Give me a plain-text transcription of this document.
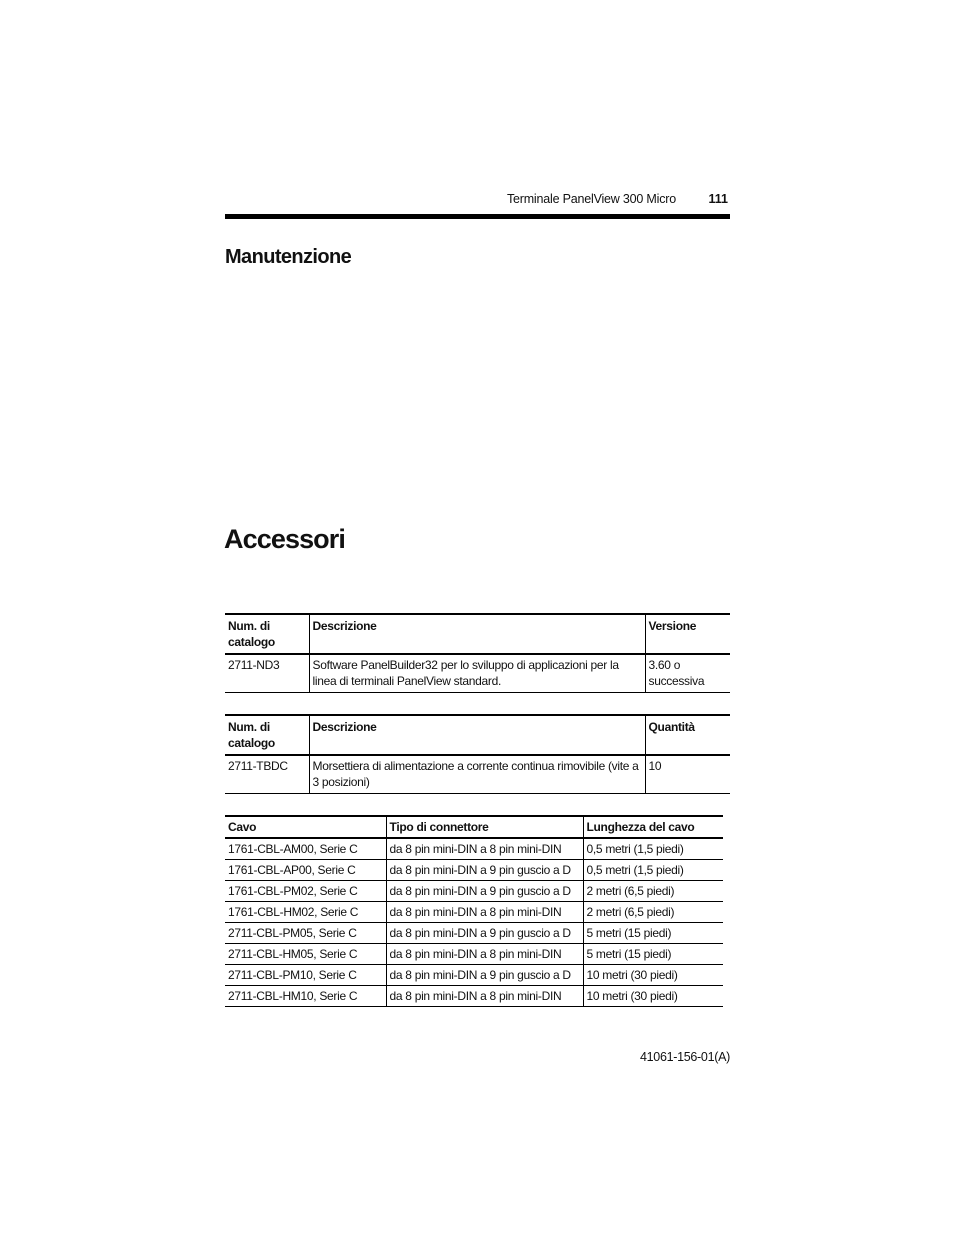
Terminale PanelView 300 Micro	111
Manutenzione
Accessori
Num. di catalogo	Descrizione	Versione
2711-ND3	Software PanelBuilder32 per lo sviluppo di applicazioni per la linea di terminali PanelView standard.	3.60 o successiva
Num. di catalogo	Descrizione	Quantità
2711-TBDC	Morsettiera di alimentazione a corrente continua rimovibile (vite a 3 posizioni)	10
Cavo	Tipo di connettore	Lunghezza del cavo
1761-CBL-AM00, Serie C	da 8 pin mini-DIN a 8 pin mini-DIN	0,5 metri (1,5 piedi)
1761-CBL-AP00, Serie C	da 8 pin mini-DIN a 9 pin guscio a D	0,5 metri (1,5 piedi)
1761-CBL-PM02, Serie C	da 8 pin mini-DIN a 9 pin guscio a D	2 metri (6,5 piedi)
1761-CBL-HM02, Serie C	da 8 pin mini-DIN a 8 pin mini-DIN	2 metri (6,5 piedi)
2711-CBL-PM05, Serie C	da 8 pin mini-DIN a 9 pin guscio a D	5 metri (15 piedi)
2711-CBL-HM05, Serie C	da 8 pin mini-DIN a 8 pin mini-DIN	5 metri (15 piedi)
2711-CBL-PM10, Serie C	da 8 pin mini-DIN a 9 pin guscio a D	10 metri (30 piedi)
2711-CBL-HM10, Serie C	da 8 pin mini-DIN a 8 pin mini-DIN	10 metri (30 piedi)
41061-156-01(A)
